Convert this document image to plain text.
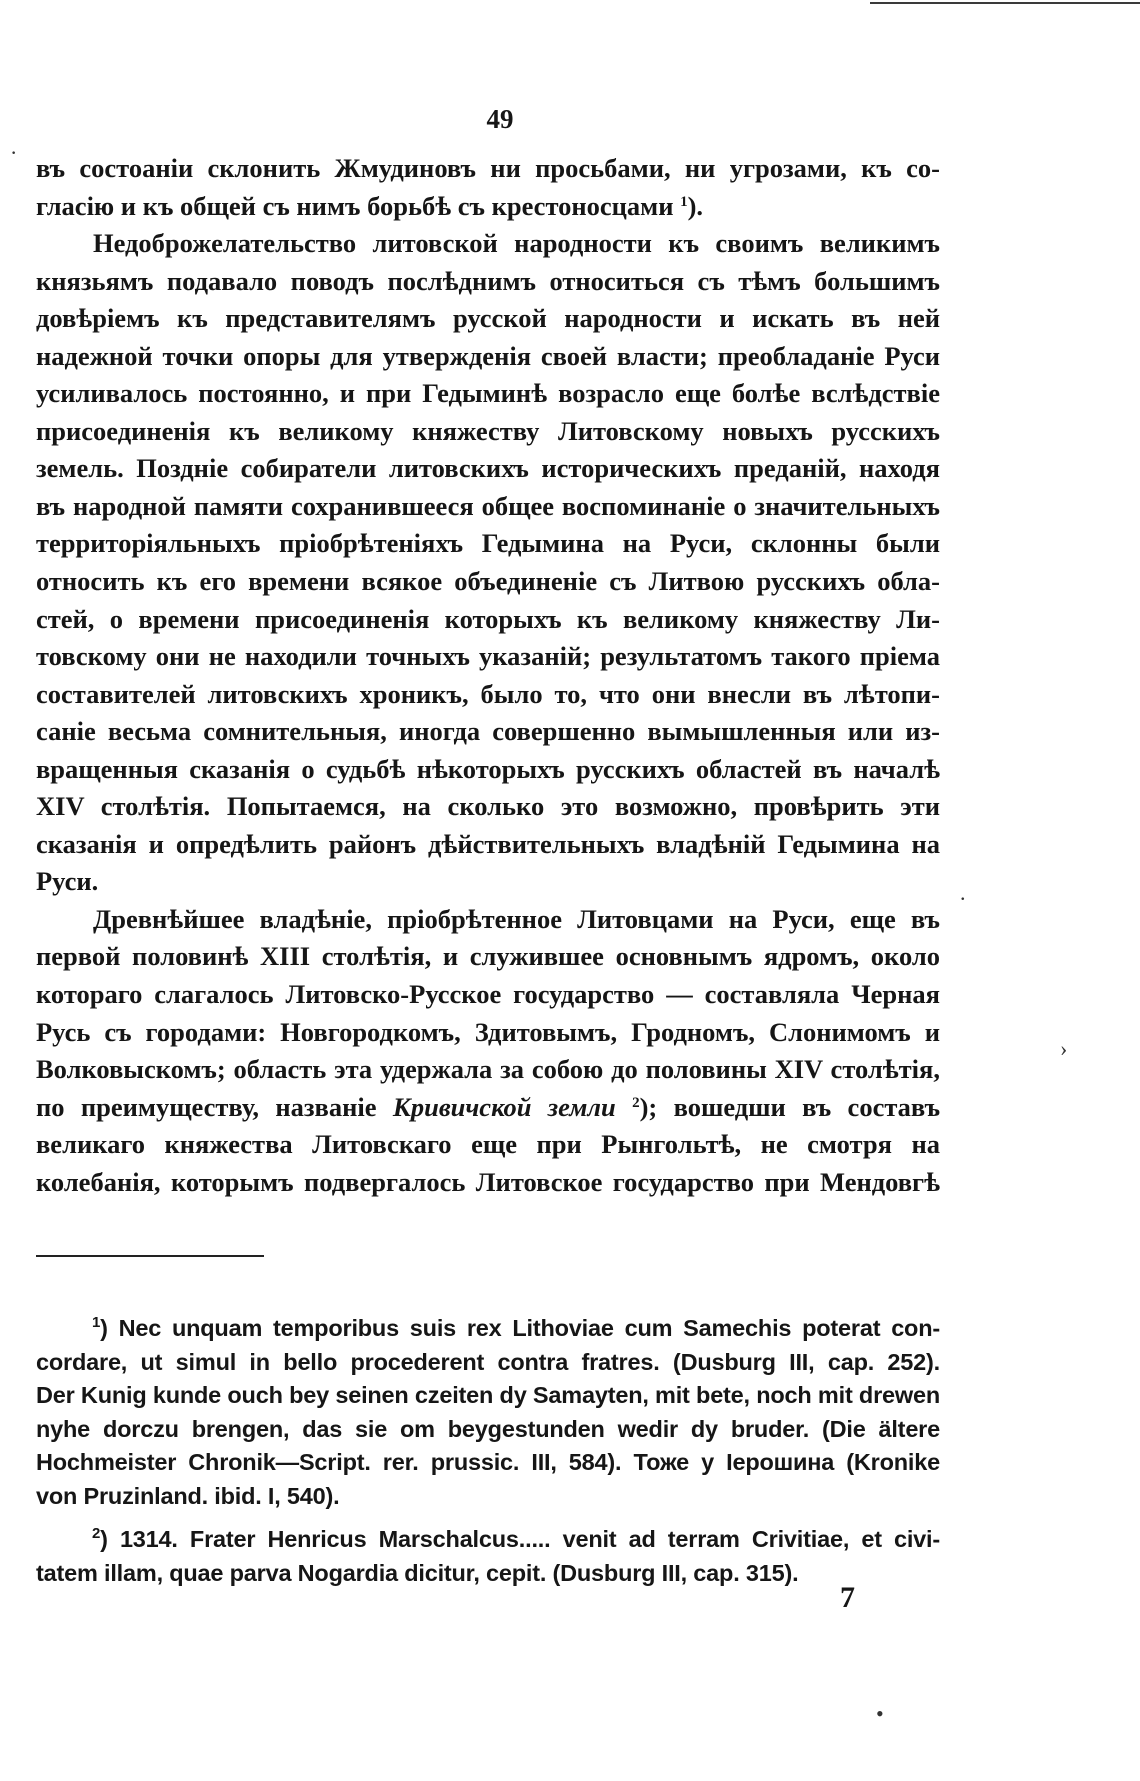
49

въ состоаніи склонить Жмудиновъ ни просьбами, ни угрозами, къ со-
гласію и къ общей съ нимъ борьбѣ съ крестоносцами $^1$).

Недоброжелательство литовской народности къ своимъ великимъ
князьямъ подавало поводъ послѣднимъ относиться съ тѣмъ большимъ
довѣріемъ къ представителямъ русской народности и искать въ ней
надежной точки опоры для утвержденія своей власти; преобладаніе Руси
усиливалось постоянно, и при Гедыминѣ возрасло еще болѣе вслѣдствіе
присоединенія къ великому княжеству Литовскому новыхъ русскихъ
земель. Поздніе собиратели литовскихъ историческихъ преданій, находя
въ народной памяти сохранившееся общее воспоминаніе о значительныхъ
территоріяльныхъ пріобрѣтеніяхъ Гедымина на Руси, склонны были
относить къ его времени всякое объединеніе съ Литвою русскихъ обла-
стей, о времени присоединенія которыхъ къ великому княжеству Ли-
товскому они не находили точныхъ указаній; результатомъ такого пріема
составителей литовскихъ хроникъ, было то, что они внесли въ лѣтопи-
саніе весьма сомнительныя, иногда совершенно вымышленныя или из-
вращенныя сказанія о судьбѣ нѣкоторыхъ русскихъ областей въ началѣ
XIV столѣтія. Попытаемся, на сколько это возможно, провѣрить эти
сказанія и опредѣлить районъ дѣйствительныхъ владѣній Гедымина на
Руси.

Древнѣйшее владѣніе, пріобрѣтенное Литовцами на Руси, еще въ
первой половинѣ XIII столѣтія, и служившее основнымъ ядромъ, около
котораго слагалось Литовско-Русское государство — составляла Черная
Русь съ городами: Новгородкомъ, Здитовымъ, Гродномъ, Слонимомъ и
Волковыскомъ; область эта удержала за собою до половины XIV столѣтія,
по преимуществу, названіе Кривичской земли $^2$); вошедши въ составъ
великаго княжества Литовскаго еще при Рынгольтѣ, не смотря на
колебанія, которымъ подвергалось Литовское государство при Мендовгѣ

$^1$) Nec unquam temporibus suis rex Lithoviae cum Samechis poterat con-
cordare, ut simul in bello procederent contra fratres. (Dusburg III, cap. 252).
Der Kunig kunde ouch bey seinen czeiten dy Samayten, mit bete, noch mit drewen
nyhe dorczu brengen, das sie om beygestunden wedir dy bruder. (Die ältere
Hochmeister Chronik—Script. rer. prussic. III, 584). Тоже у Іерошина (Kronike
von Pruzinland. ibid. I, 540).

$^2$) 1314. Frater Henricus Marschalcus..... venit ad terram Crivitiae, et civi-
tatem illam, quae parva Nogardia dicitur, cepit. (Dusburg III, cap. 315).

7
·
›
.
•
